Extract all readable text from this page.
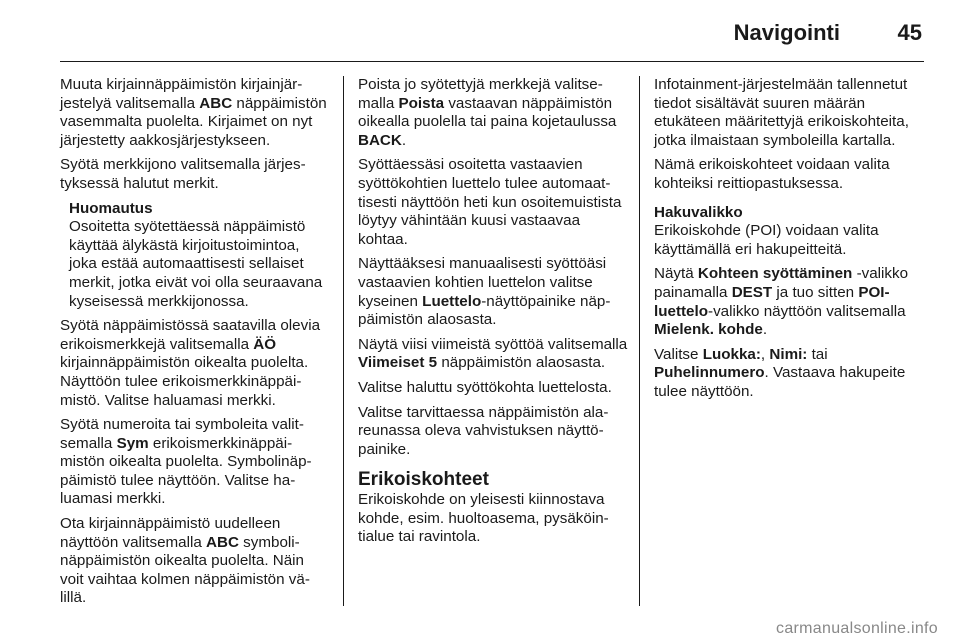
Navigointi	45

Muuta kirjainnäppäimistön kirjainjärjestelyä valitsemalla ABC näppäimistön vasemmalta puolelta. Kirjaimet on nyt järjestetty aakkosjärjestykseen.

Syötä merkkijono valitsemalla järjestyksessä halutut merkit.

Huomautus
Osoitetta syötettäessä näppäimistö käyttää älykästä kirjoitustoimintoa, joka estää automaattisesti sellaiset merkit, jotka eivät voi olla seuraavana kyseisessä merkkijonossa.

Syötä näppäimistössä saatavilla olevia erikoismerkkejä valitsemalla ÄÖ kirjainnäppäimistön oikealta puolelta. Näyttöön tulee erikoismerkkinäppäimistö. Valitse haluamasi merkki.

Syötä numeroita tai symboleita valitsemalla Sym erikoismerkkinäppäimistön oikealta puolelta. Symbolinäppäimistö tulee näyttöön. Valitse haluamasi merkki.

Ota kirjainnäppäimistö uudelleen näyttöön valitsemalla ABC symbolinäppäimistön oikealta puolelta. Näin voit vaihtaa kolmen näppäimistön välillä.

Poista jo syötettyjä merkkejä valitsemalla Poista vastaavan näppäimistön oikealla puolella tai paina kojetaulussa BACK.

Syöttäessäsi osoitetta vastaavien syöttökohtien luettelo tulee automaattisesti näyttöön heti kun osoitemuistista löytyy vähintään kuusi vastaavaa kohtaa.

Näyttääksesi manuaalisesti syöttöäsi vastaavien kohtien luettelon valitse kyseinen Luettelo-näyttöpainike näppäimistön alaosasta.

Näytä viisi viimeistä syöttöä valitsemalla Viimeiset 5 näppäimistön alaosasta.

Valitse haluttu syöttökohta luettelosta.

Valitse tarvittaessa näppäimistön alareunassa oleva vahvistuksen näyttöpainike.

Erikoiskohteet

Erikoiskohde on yleisesti kiinnostava kohde, esim. huoltoasema, pysäköintialue tai ravintola.

Infotainment-järjestelmään tallennetut tiedot sisältävät suuren määrän etukäteen määritettyjä erikoiskohteita, jotka ilmaistaan symboleilla kartalla.

Nämä erikoiskohteet voidaan valita kohteiksi reittiopastuksessa.

Hakuvalikko

Erikoiskohde (POI) voidaan valita käyttämällä eri hakupeitteitä.

Näytä Kohteen syöttäminen -valikko painamalla DEST ja tuo sitten POI-luettelo-valikko näyttöön valitsemalla Mielenk. kohde.

Valitse Luokka:, Nimi: tai Puhelinnumero. Vastaava hakupeite tulee näyttöön.

carmanualsonline.info
